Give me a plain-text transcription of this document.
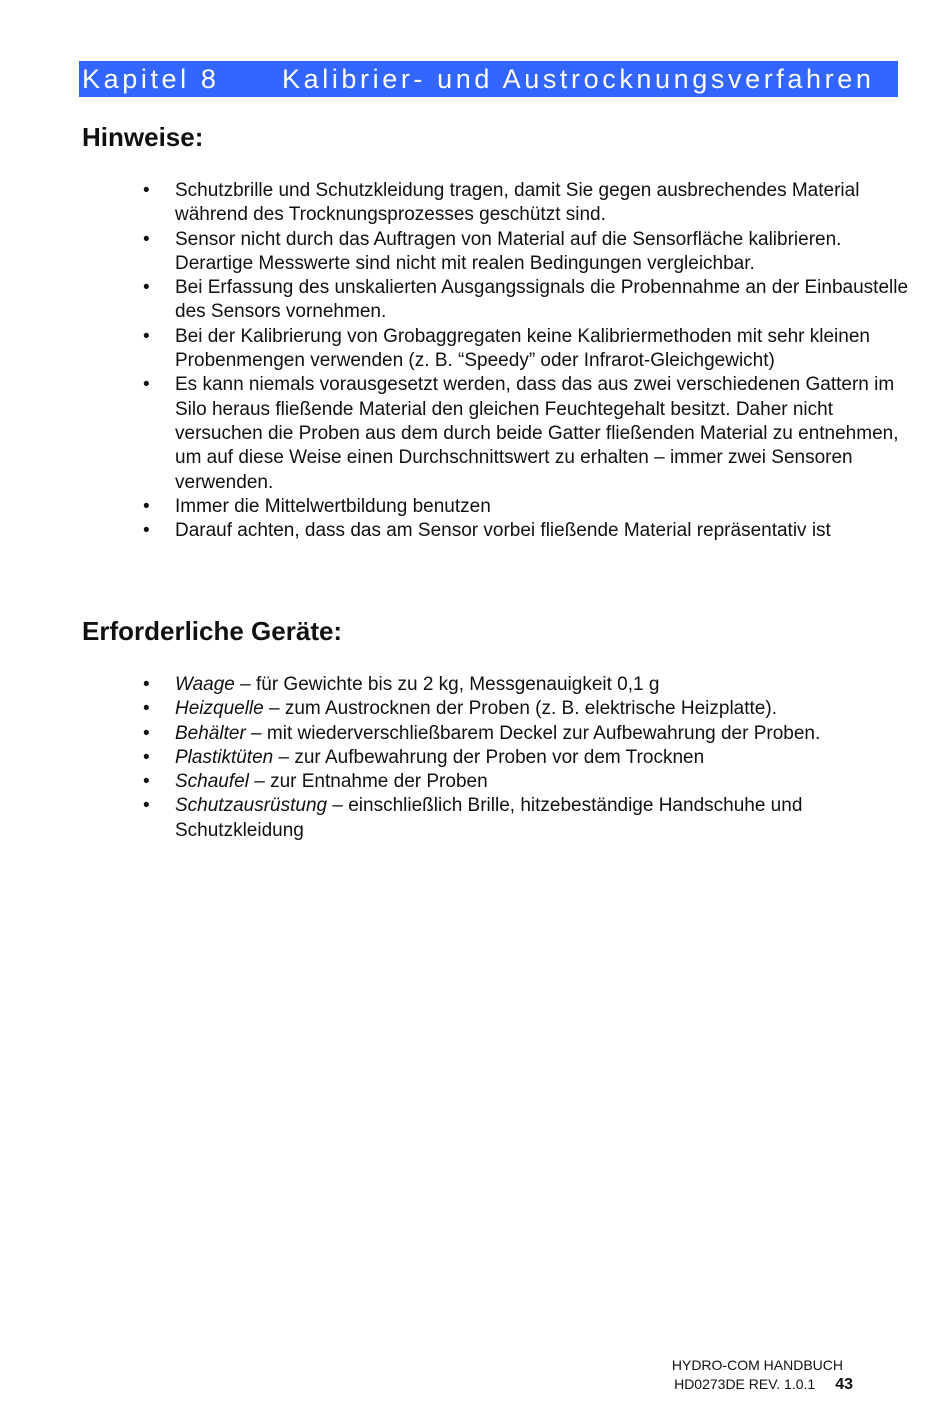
Kapitel 8 Kalibrier- und Austrocknungsverfahren
Hinweise:
• Schutzbrille und Schutzkleidung tragen, damit Sie gegen ausbrechendes Material während des Trocknungsprozesses geschützt sind.
• Sensor nicht durch das Auftragen von Material auf die Sensorfläche kalibrieren. Derartige Messwerte sind nicht mit realen Bedingungen vergleichbar.
• Bei Erfassung des unskalierten Ausgangssignals die Probennahme an der Einbaustelle des Sensors vornehmen.
• Bei der Kalibrierung von Grobaggregaten keine Kalibriermethoden mit sehr kleinen Probenmengen verwenden (z. B. “Speedy” oder Infrarot-Gleichgewicht)
• Es kann niemals vorausgesetzt werden, dass das aus zwei verschiedenen Gattern im Silo heraus fließende Material den gleichen Feuchtegehalt besitzt. Daher nicht versuchen die Proben aus dem durch beide Gatter fließenden Material zu entnehmen, um auf diese Weise einen Durchschnittswert zu erhalten – immer zwei Sensoren verwenden.
• Immer die Mittelwertbildung benutzen
• Darauf achten, dass das am Sensor vorbei fließende Material repräsentativ ist
Erforderliche Geräte:
• Waage – für Gewichte bis zu 2 kg, Messgenauigkeit 0,1 g
• Heizquelle – zum Austrocknen der Proben (z. B. elektrische Heizplatte).
• Behälter – mit wiederverschließbarem Deckel zur Aufbewahrung der Proben.
• Plastiktüten – zur Aufbewahrung der Proben vor dem Trocknen
• Schaufel – zur Entnahme der Proben
• Schutzausrüstung – einschließlich Brille, hitzebeständige Handschuhe und Schutzkleidung
HYDRO-COM HANDBUCH
HD0273DE REV. 1.0.1 43
